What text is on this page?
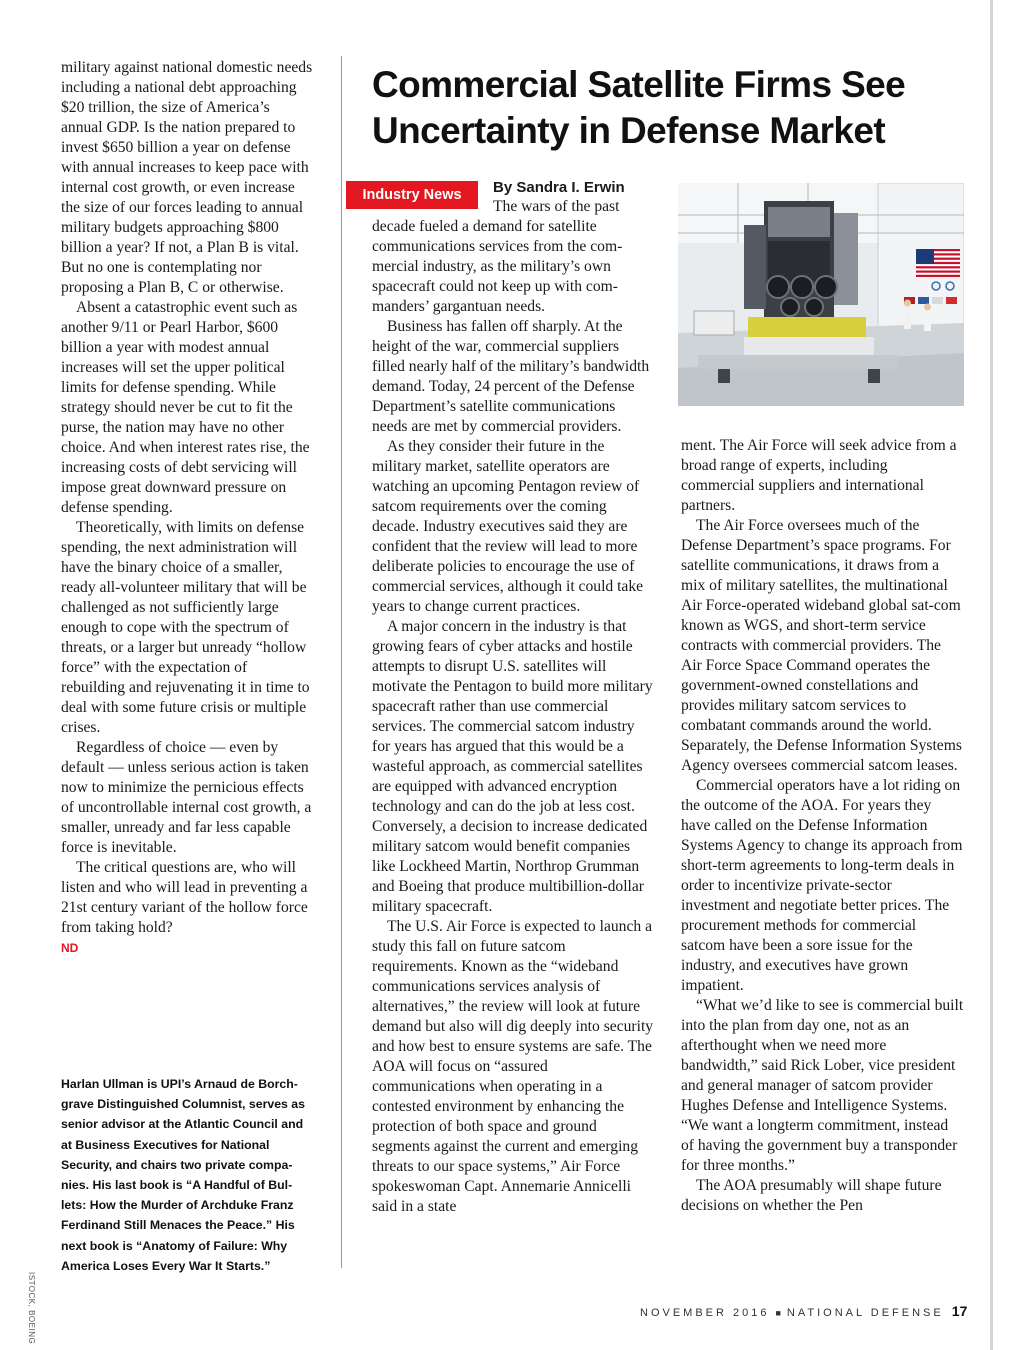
military against national domestic needs including a national debt approaching $20 trillion, the size of America’s annual GDP. Is the nation prepared to invest $650 billion a year on defense with annual increases to keep pace with internal cost growth, or even increase the size of our forces leading to annual military budgets approaching $800 billion a year? If not, a Plan B is vital. But no one is contemplating nor proposing a Plan B, C or otherwise.

Absent a catastrophic event such as another 9/11 or Pearl Harbor, $600 billion a year with modest annual increases will set the upper political limits for defense spending. While strategy should never be cut to fit the purse, the nation may have no other choice. And when interest rates rise, the increasing costs of debt servicing will impose great downward pressure on defense spending.

Theoretically, with limits on defense spending, the next administration will have the binary choice of a smaller, ready all-volunteer military that will be challenged as not sufficiently large enough to cope with the spectrum of threats, or a larger but unready “hollow force” with the expectation of rebuilding and rejuvenating it in time to deal with some future crisis or multiple crises.

Regardless of choice — even by default — unless serious action is taken now to minimize the pernicious effects of uncontrollable internal cost growth, a smaller, unready and far less capable force is inevitable.

The critical questions are, who will listen and who will lead in preventing a 21st century variant of the hollow force from taking hold?

ND

Harlan Ullman is UPI’s Arnaud de Borchgrave Distinguished Columnist, serves as senior advisor at the Atlantic Council and at Business Executives for National Security, and chairs two private companies. His last book is “A Handful of Bullets: How the Murder of Archduke Franz Ferdinand Still Menaces the Peace.” His next book is “Anatomy of Failure: Why America Loses Every War It Starts.”
ISTOCK, BOEING
Commercial Satellite Firms See
Uncertainty in Defense Market
Industry News	By Sandra I. Erwin

The wars of the past
decade fueled a demand for satellite communications services from the commercial industry, as the military’s own spacecraft could not keep up with commanders’ gargantuan needs.

Business has fallen off sharply. At the height of the war, commercial suppliers filled nearly half of the military’s bandwidth demand. Today, 24 percent of the Defense Department’s satellite communications needs are met by commercial providers.

As they consider their future in the military market, satellite operators are watching an upcoming Pentagon review of satcom requirements over the coming decade. Industry executives said they are confident that the review will lead to more deliberate policies to encourage the use of commercial services, although it could take years to change current practices.

A major concern in the industry is that growing fears of cyber attacks and hostile attempts to disrupt U.S. satellites will motivate the Pentagon to build more military spacecraft rather than use commercial services. The commercial satcom industry for years has argued that this would be a wasteful approach, as commercial satellites are equipped with advanced encryption technology and can do the job at less cost. Conversely, a decision to increase dedicated military satcom would benefit companies like Lockheed Martin, Northrop Grumman and Boeing that produce multibillion-dollar military spacecraft.

The U.S. Air Force is expected to launch a study this fall on future satcom requirements. Known as the “wideband communications services analysis of alternatives,” the review will look at future demand but also will dig deeply into security and how best to ensure systems are safe. The AOA will focus on “assured communications when operating in a contested environment by enhancing the protection of both space and ground segments against the current and emerging threats to our space systems,” Air Force spokeswoman Capt. Annemarie Annicelli said in a state

ment. The Air Force will seek advice from a broad range of experts, including commercial suppliers and international partners.

The Air Force oversees much of the Defense Department’s space programs. For satellite communications, it draws from a mix of military satellites, the multinational Air Force-operated wideband global sat-com known as WGS, and short-term service contracts with commercial providers. The Air Force Space Command operates the government-owned constellations and provides military satcom services to combatant commands around the world. Separately, the Defense Information Systems Agency oversees commercial satcom leases.

Commercial operators have a lot riding on the outcome of the AOA. For years they have called on the Defense Information Systems Agency to change its approach from short-term agreements to long-term deals in order to incentivize private-sector investment and negotiate better prices. The procurement methods for commercial satcom have been a sore issue for the industry, and executives have grown impatient.

“What we’d like to see is commercial built into the plan from day one, not as an afterthought when we need more bandwidth,” said Rick Lober, vice president and general manager of satcom provider Hughes Defense and Intelligence Systems. “We want a longterm commitment, instead of having the government buy a transponder for three months.”

The AOA presumably will shape future decisions on whether the Pen

NOVEMBER 2016 ■ NATIONAL DEFENSE 17
